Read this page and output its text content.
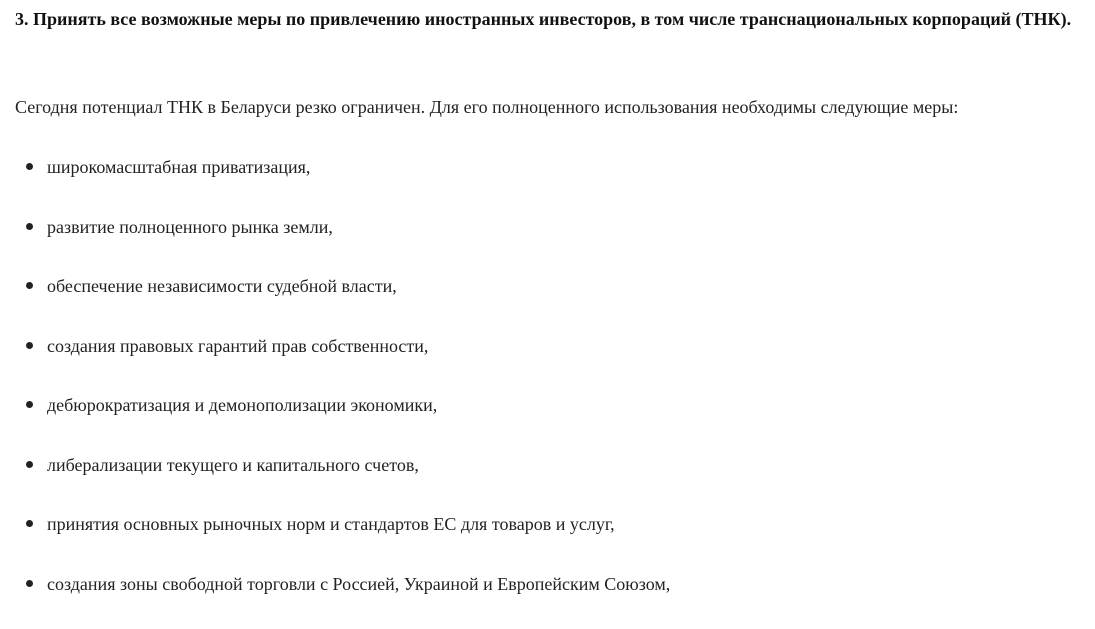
3. Принять все возможные меры по привлечению иностранных инвесторов, в том числе транснациональных корпораций (ТНК).

Сегодня потенциал ТНК в Беларуси резко ограничен. Для его полноценного использования необходимы следующие меры:

широкомасштабная приватизация,
развитие полноценного рынка земли,
обеспечение независимости судебной власти,
создания правовых гарантий прав собственности,
дебюрократизация и демонополизации экономики,
либерализации текущего и капитального счетов,
принятия основных рыночных норм и стандартов ЕС для товаров и услуг,
создания зоны свободной торговли с Россией, Украиной и Европейским Союзом,
